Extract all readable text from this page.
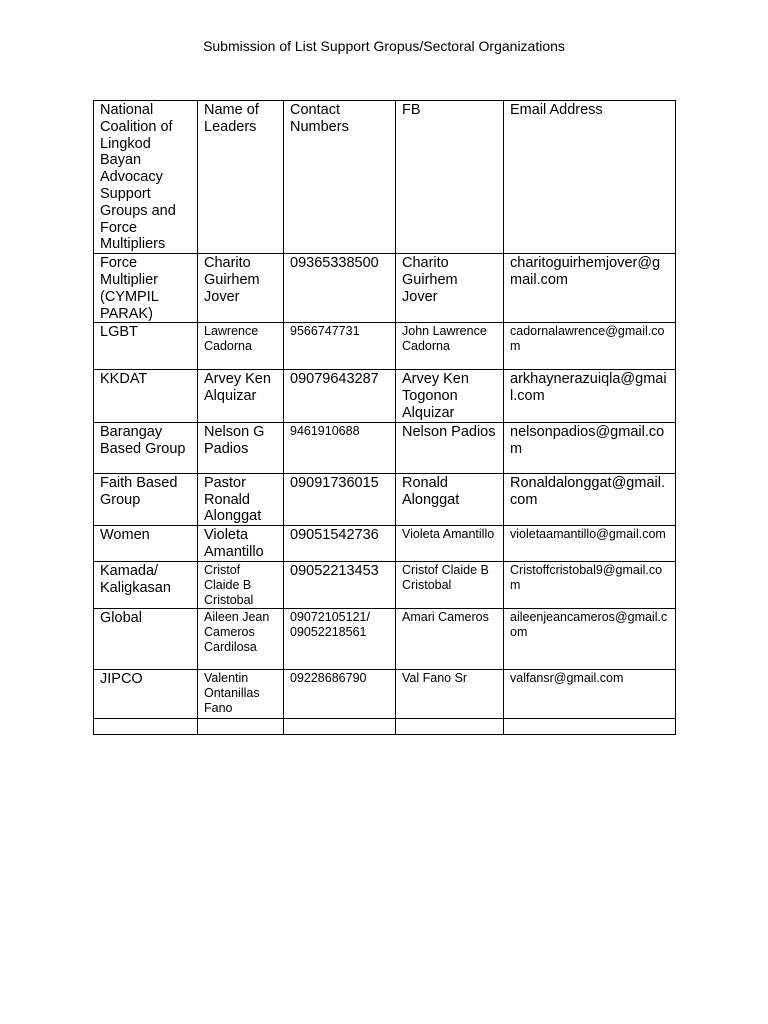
Submission of List Support Gropus/Sectoral Organizations
National Coalition of Lingkod Bayan Advocacy Support Groups and Force Multipliers	Name of Leaders	Contact Numbers	FB	Email Address
Force Multiplier (CYMPIL PARAK)	Charito Guirhem Jover	09365338500	Charito Guirhem Jover	charitoguirhemjover@gmail.com
LGBT	Lawrence Cadorna	9566747731	John Lawrence Cadorna	cadornalawrence@gmail.com
KKDAT	Arvey Ken Alquizar	09079643287	Arvey Ken Togonon Alquizar	arkhaynerazuiqla@gmail.com
Barangay Based Group	Nelson G Padios	9461910688	Nelson Padios	nelsonpadios@gmail.com
Faith Based Group	Pastor Ronald Alonggat	09091736015	Ronald Alonggat	Ronaldalonggat@gmail.com
Women	Violeta Amantillo	09051542736	Violeta Amantillo	violetaamantillo@gmail.com
Kamada/ Kaligkasan	Cristof Claide B Cristobal	09052213453	Cristof Claide B Cristobal	Cristoffcristobal9@gmail.com
Global	Aileen Jean Cameros Cardilosa	09072105121/ 09052218561	Amari Cameros	aileenjeancameros@gmail.com
JIPCO	Valentin Ontanillas Fano	09228686790	Val Fano Sr	valfansr@gmail.com
